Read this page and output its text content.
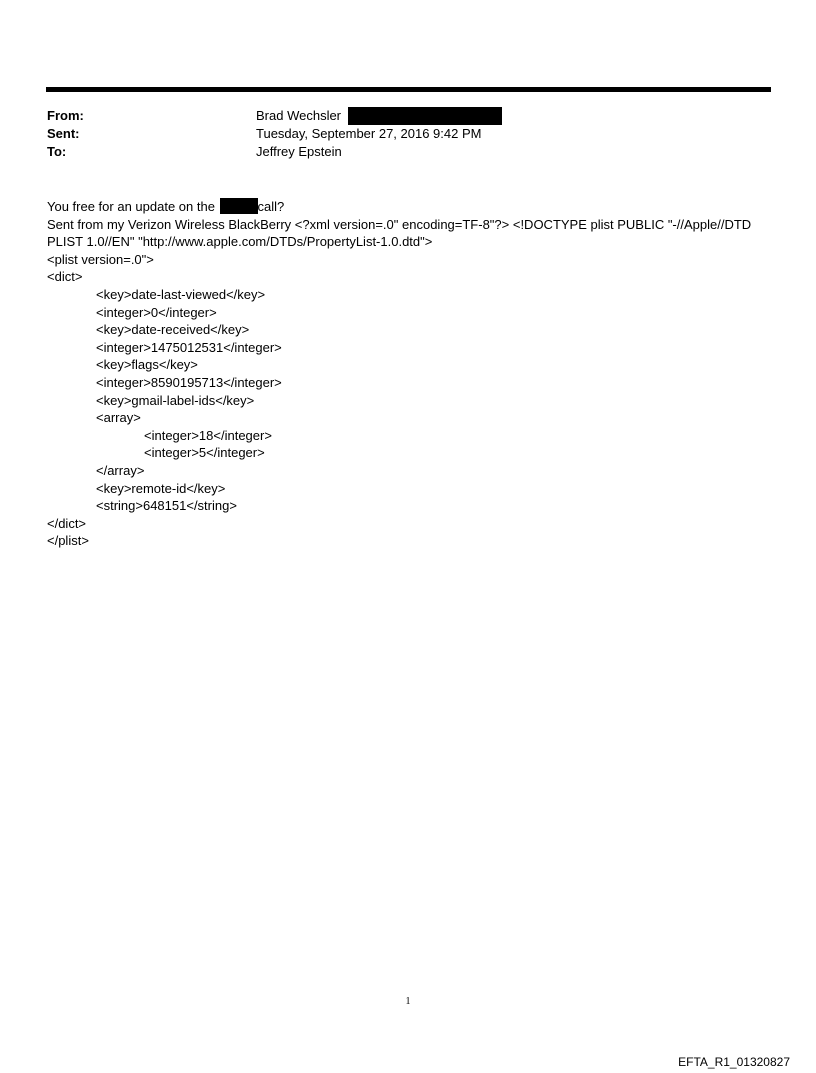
From:	Brad Wechsler
Sent:	Tuesday, September 27, 2016 9:42 PM
To:	Jeffrey Epstein
You free for an update on the	call?
Sent from my Verizon Wireless BlackBerry <?xml version=.0" encoding=TF-8"?> <!DOCTYPE plist PUBLIC "-//Apple//DTD PLIST 1.0//EN" "http://www.apple.com/DTDs/PropertyList-1.0.dtd">
<plist version=.0">
<dict>
<key>date-last-viewed</key>
<integer>0</integer>
<key>date-received</key>
<integer>1475012531</integer>
<key>flags</key>
<integer>8590195713</integer>
<key>gmail-label-ids</key>
<array>
<integer>18</integer>
<integer>5</integer>
</array>
<key>remote-id</key>
<string>648151</string>
</dict>
</plist>
1
EFTA_R1_01320827
